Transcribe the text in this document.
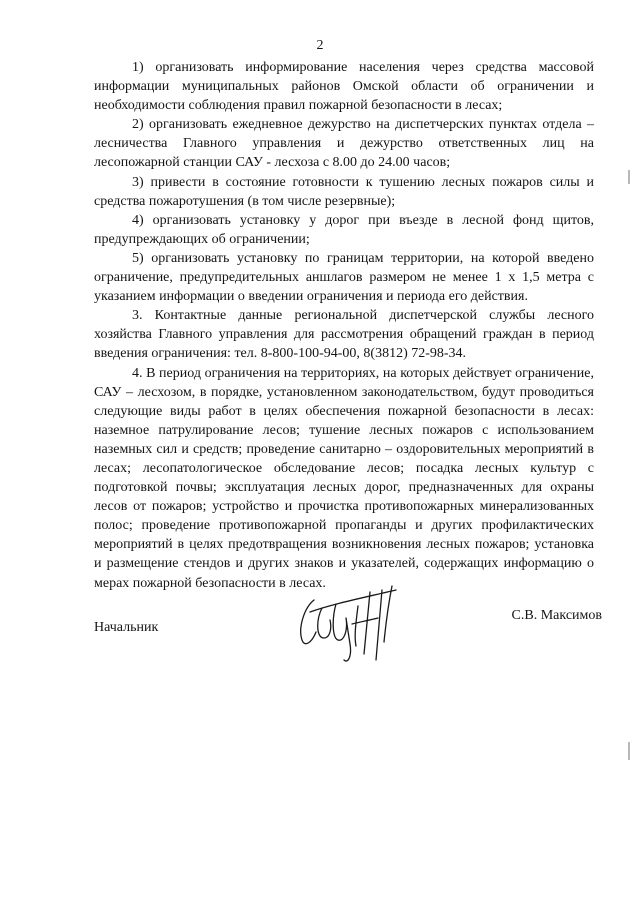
2

1) организовать информирование населения через средства массовой информации муниципальных районов Омской области об ограничении и необходимости соблюдения правил пожарной безопасности в лесах;

2) организовать ежедневное дежурство на диспетчерских пунктах отдела – лесничества Главного управления и дежурство ответственных лиц на лесопожарной станции САУ - лесхоза с 8.00 до 24.00 часов;

3) привести в состояние готовности к тушению лесных пожаров силы и средства пожаротушения (в том числе резервные);

4) организовать установку у дорог при въезде в лесной фонд щитов, предупреждающих об ограничении;

5) организовать установку по границам территории, на которой введено ограничение, предупредительных аншлагов размером не менее 1 х 1,5 метра с указанием информации о введении ограничения и периода его действия.

3. Контактные данные региональной диспетчерской службы лесного хозяйства Главного управления для рассмотрения обращений граждан в период введения ограничения: тел. 8-800-100-94-00, 8(3812) 72-98-34.

4. В период ограничения на территориях, на которых действует ограничение, САУ – лесхозом, в порядке, установленном законодательством, будут проводиться следующие виды работ в целях обеспечения пожарной безопасности в лесах: наземное патрулирование лесов; тушение лесных пожаров с использованием наземных сил и средств; проведение санитарно – оздоровительных мероприятий в лесах; лесопатологическое обследование лесов; посадка лесных культур с подготовкой почвы; эксплуатация лесных дорог, предназначенных для охраны лесов от пожаров; устройство и прочистка противопожарных минерализованных полос; проведение противопожарной пропаганды и других профилактических мероприятий в целях предотвращения возникновения лесных пожаров; установка и размещение стендов и других знаков и указателей, содержащих информацию о мерах пожарной безопасности в лесах.

Начальник
С.В. Максимов
